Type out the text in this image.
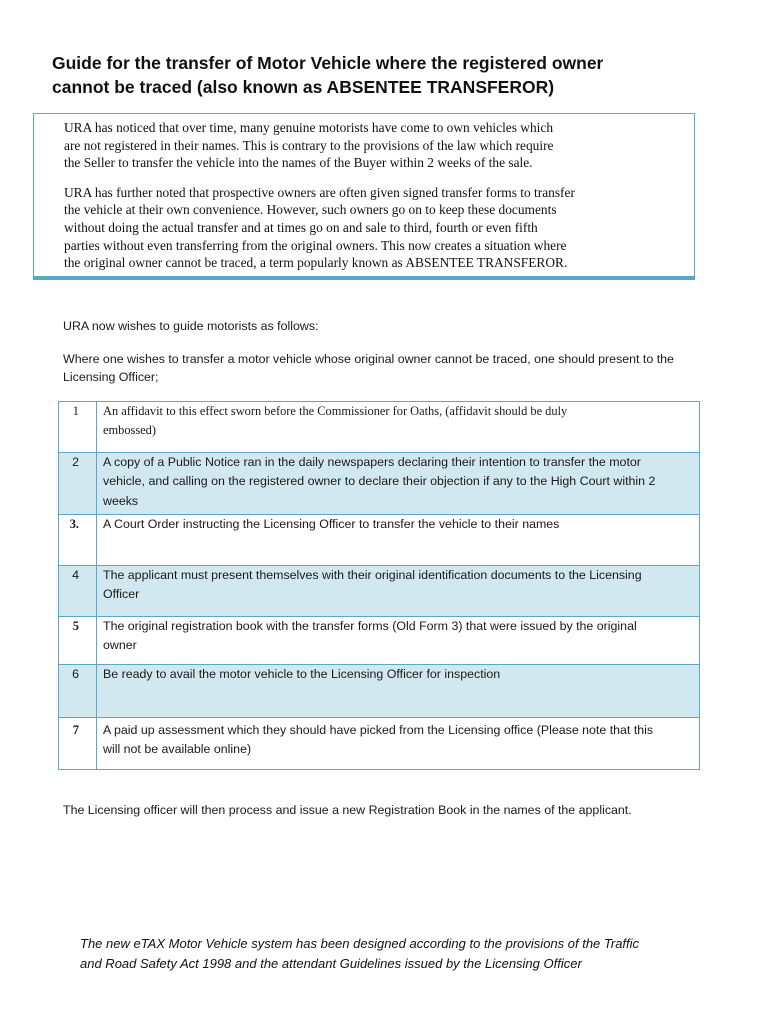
Guide for the transfer of Motor Vehicle where the registered owner
cannot be traced (also known as ABSENTEE TRANSFEROR)

URA has noticed that over time, many genuine motorists have come to own vehicles which
are not registered in their names. This is contrary to the provisions of the law which require
the Seller to transfer the vehicle into the names of the Buyer within 2 weeks of the sale.

URA has further noted that prospective owners are often given signed transfer forms to transfer
the vehicle at their own convenience. However, such owners go on to keep these documents
without doing the actual transfer and at times go on and sale to third, fourth or even fifth
parties without even transferring from the original owners. This now creates a situation where
the original owner cannot be traced, a term popularly known as ABSENTEE TRANSFEROR.

URA now wishes to guide motorists as follows:
Where one wishes to transfer a motor vehicle whose original owner cannot be traced, one should present to the
Licensing Officer;
1	An affidavit to this effect sworn before the Commissioner for Oaths, (affidavit should be duly
embossed)

2	A copy of a Public Notice ran in the daily newspapers declaring their intention to transfer the motor
vehicle, and calling on the registered owner to declare their objection if any to the High Court within 2
weeks

3.	A Court Order instructing the Licensing Officer to transfer the vehicle to their names

4	The applicant must present themselves with their original identification documents to the Licensing
Officer

5	The original registration book with the transfer forms (Old Form 3) that were issued by the original
owner

6	Be ready to avail the motor vehicle to the Licensing Officer for inspection

7	A paid up assessment which they should have picked from the Licensing office (Please note that this
will not be available online)
The Licensing officer will then process and issue a new Registration Book in the names of the applicant.
The new eTAX Motor Vehicle system has been designed according to the provisions of the Traffic
and Road Safety Act 1998 and the attendant Guidelines issued by the Licensing Officer
